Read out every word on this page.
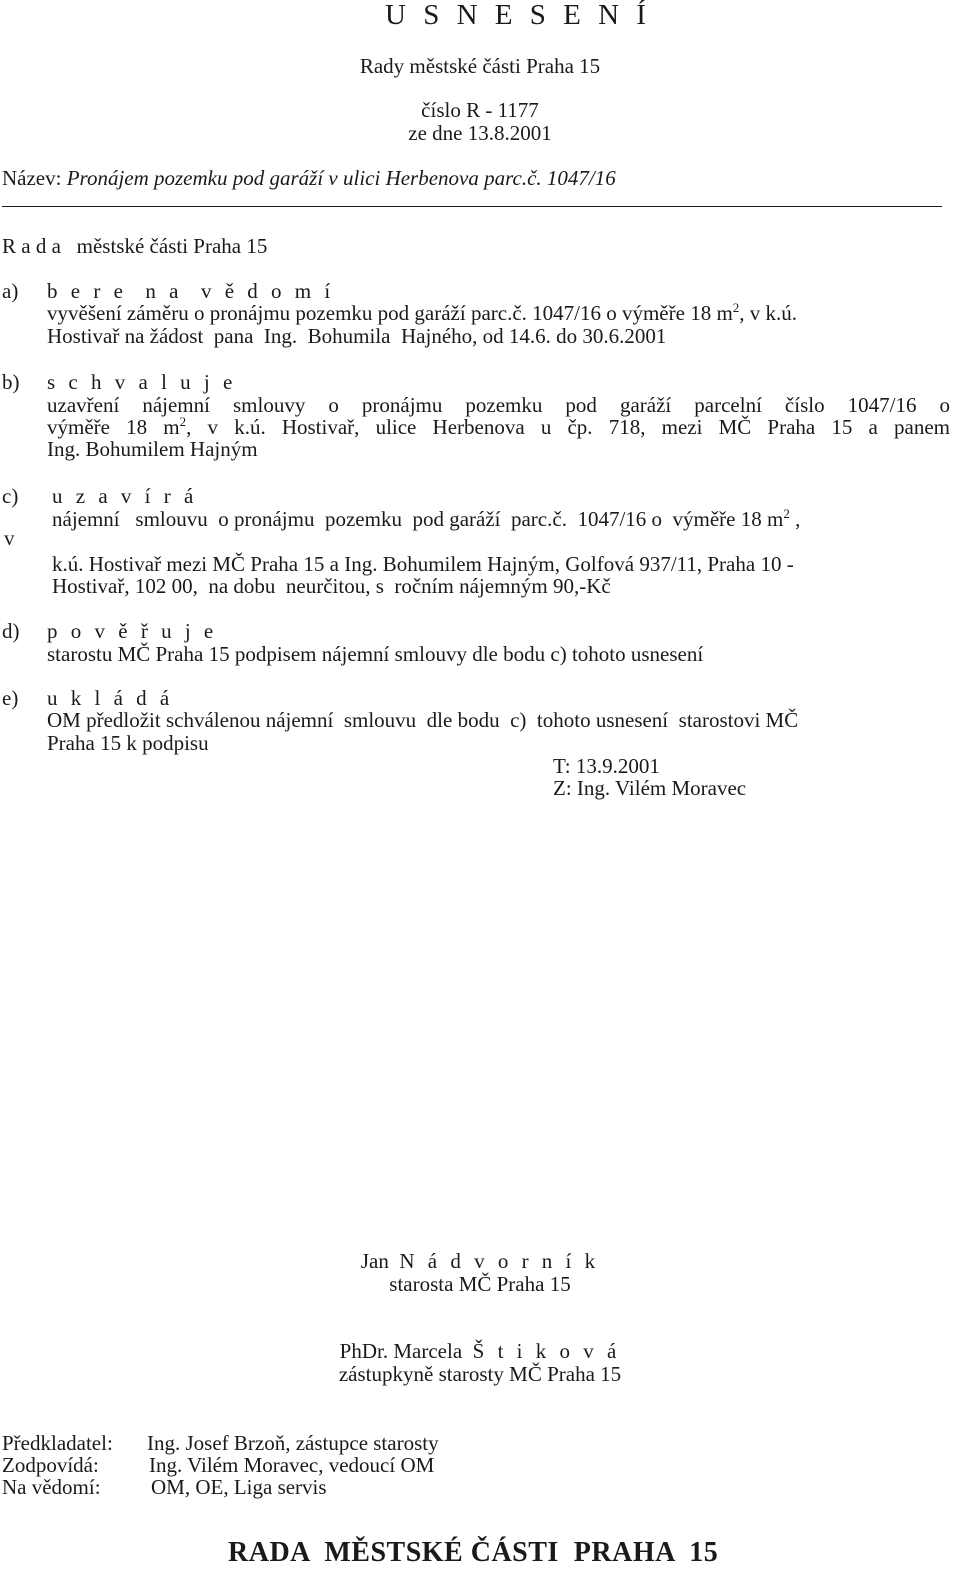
U S N E S E N Í
Rady městské části Praha 15
číslo R - 1177
ze dne 13.8.2001
Název: Pronájem pozemku pod garáží v ulici Herbenova parc.č. 1047/16
R a d a   městské části Praha 15
a) b e r e  n a  v ě d o m í
vyvěšení záměru o pronájmu pozemku pod garáží parc.č. 1047/16 o výměře 18 $m^2$, v k.ú.
Hostivař na žádost  pana  Ing.  Bohumila  Hajného, od 14.6. do 30.6.2001
b) s c h v a l u j e
uzavření nájemní smlouvy o pronájmu pozemku pod garáží parcelní číslo 1047/16 o
výměře 18 $m^2$, v k.ú. Hostivař, ulice Herbenova u čp. 718, mezi MČ Praha 15 a panem
Ing. Bohumilem Hajným
c) u z a v í r á
nájemní   smlouvu  o pronájmu  pozemku  pod garáží  parc.č.  1047/16 o  výměře 18 $m^2$ ,
v
k.ú. Hostivař mezi MČ Praha 15 a Ing. Bohumilem Hajným, Golfová 937/11, Praha 10 -
Hostivař, 102 00,  na dobu  neurčitou, s  ročním nájemným 90,-Kč
d) p o v ě ř u j e
starostu MČ Praha 15 podpisem nájemní smlouvy dle bodu c) tohoto usnesení
e) u k l á d á
OM předložit schválenou nájemní  smlouvu  dle bodu  c)  tohoto usnesení  starostovi MČ
Praha 15 k podpisu
T: 13.9.2001
Z: Ing. Vilém Moravec
Jan N á d v o r n í k
starosta MČ Praha 15
PhDr. Marcela Š t i k o v á
zástupkyně starosty MČ Praha 15
Předkladatel: Ing. Josef Brzoň, zástupce starosty
Zodpovídá: Ing. Vilém Moravec, vedoucí OM
Na vědomí: OM, OE, Liga servis
RADA  MĚSTSKÉ ČÁSTI  PRAHA  15
